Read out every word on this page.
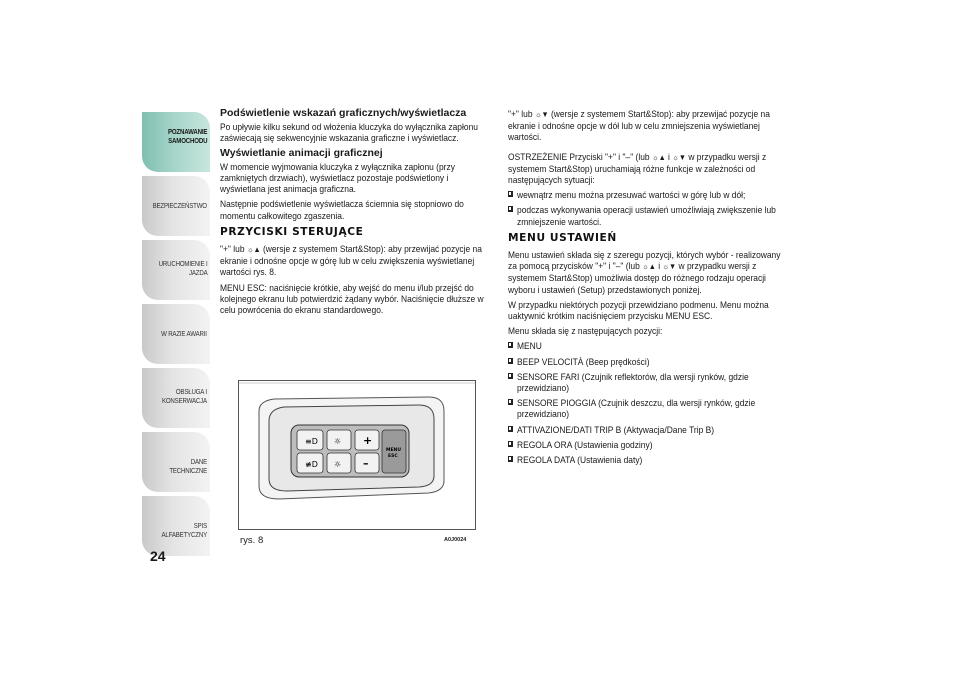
POZNAWANIE
SAMOCHODU
BEZPIECZEŃSTWO
URUCHOMIENIE I
JAZDA
W RAZIE AWARII
OBSŁUGA I
KONSERWACJA
DANE TECHNICZNE
SPIS ALFABETYCZNY
24
Podświetlenie wskazań graficznych/wyświetlacza

Po upływie kilku sekund od włożenia kluczyka do wyłącznika zapłonu zaświecają się sekwencyjnie wskazania graficzne i wyświetlacz.

Wyświetlanie animacji graficznej

W momencie wyjmowania kluczyka z wyłącznika zapłonu (przy zamkniętych drzwiach), wyświetlacz pozostaje podświetlony i wyświetlana jest animacja graficzna.

Następnie podświetlenie wyświetlacza ściemnia się stopniowo do momentu całkowitego zgaszenia.

PRZYCISKI STERUJĄCE

"+" lub ☼▲ (wersje z systemem Start&Stop): aby przewijać pozycje na ekranie i odnośne opcje w górę lub w celu zwiększenia wyświetlanej wartości rys. 8.

MENU ESC: naciśnięcie krótkie, aby wejść do menu i/lub przejść do kolejnego ekranu lub potwierdzić żądany wybór. Naciśnięcie dłuższe w celu powrócenia do ekranu standardowego.

≡D
≢D
☼
☼
+
–
MENU
ESC
rys. 8	A0J0024

"+" lub ☼▼ (wersje z systemem Start&Stop): aby przewijać pozycje na ekranie i odnośne opcje w dół lub w celu zmniejszenia wyświetlanej wartości.

OSTRZEŻENIE Przyciski "+" i "–" (lub ☼▲ i ☼▼ w przypadku wersji z systemem Start&Stop) uruchamiają różne funkcje w zależności od następujących sytuacji:

wewnątrz menu można przesuwać wartości w górę lub w dół;
podczas wykonywania operacji ustawień umożliwiają zwiększenie lub zmniejszenie wartości.
MENU USTAWIEŃ

Menu ustawień składa się z szeregu pozycji, których wybór - realizowany za pomocą przycisków "+" i "–" (lub ☼▲ i ☼▼ w przypadku wersji z systemem Start&Stop) umożliwia dostęp do różnego rodzaju operacji wyboru i ustawień (Setup) przedstawionych poniżej.

W przypadku niektórych pozycji przewidziano podmenu. Menu można uaktywnić krótkim naciśnięciem przycisku MENU ESC.

Menu składa się z następujących pozycji:

MENU
BEEP VELOCITÀ (Beep prędkości)
SENSORE FARI (Czujnik reflektorów, dla wersji rynków, gdzie przewidziano)
SENSORE PIOGGIA (Czujnik deszczu, dla wersji rynków, gdzie przewidziano)
ATTIVAZIONE/DATI TRIP B (Aktywacja/Dane Trip B)
REGOLA ORA (Ustawienia godziny)
REGOLA DATA (Ustawienia daty)
